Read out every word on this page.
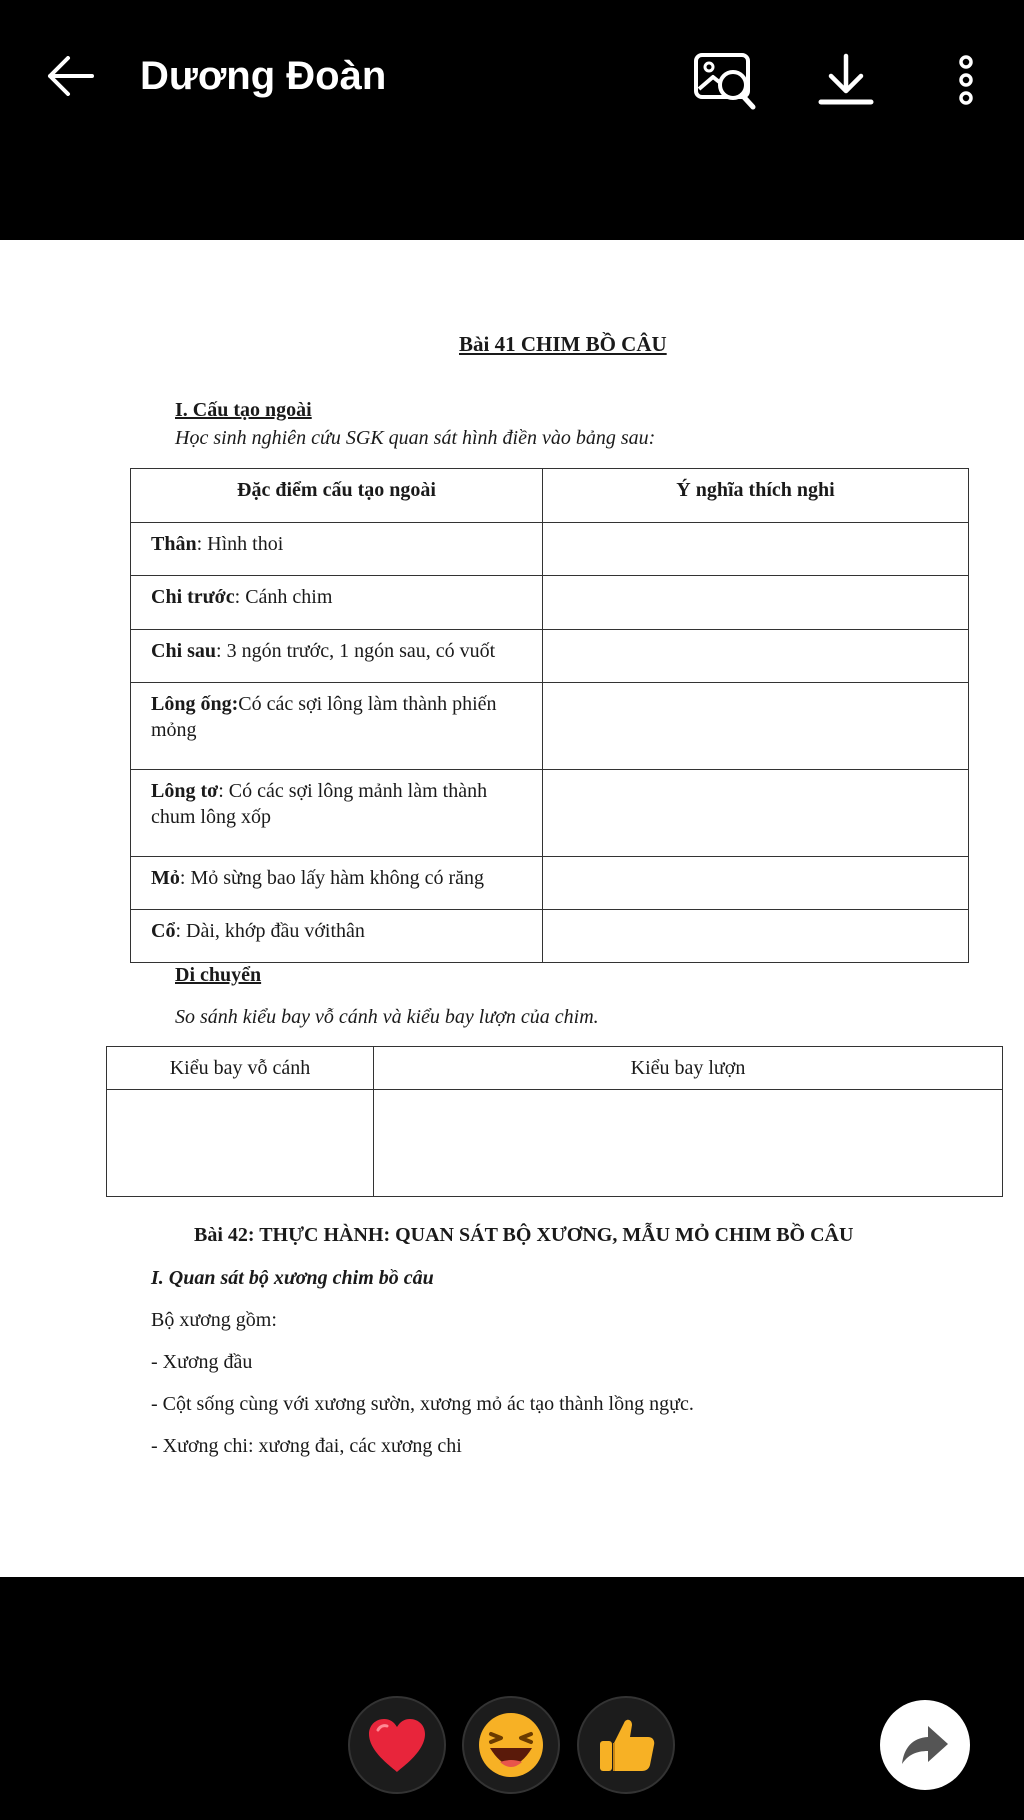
Dương Đoàn
Bài 41 CHIM BỒ CÂU
I. Cấu tạo ngoài
Học sinh nghiên cứu SGK quan sát hình điền vào bảng sau:
Đặc điểm cấu tạo ngoài	Ý nghĩa thích nghi
Thân: Hình thoi	
Chi trước: Cánh chim	
Chi sau: 3 ngón trước, 1 ngón sau, có vuốt	
Lông ống:Có các sợi lông làm thành phiến mỏng	
Lông tơ: Có các sợi lông mảnh làm thành chum lông xốp	
Mỏ: Mỏ sừng bao lấy hàm không có răng	
Cổ: Dài, khớp đầu vớithân	
Di chuyển
So sánh kiểu bay vỗ cánh và kiểu bay lượn của chim.
Kiểu bay vỗ cánh	Kiểu bay lượn

Bài 42: THỰC HÀNH: QUAN SÁT BỘ XƯƠNG, MẪU MỎ CHIM BỒ CÂU
I. Quan sát bộ xương chim bồ câu
Bộ xương gồm:
- Xương đầu
- Cột sống cùng với xương sườn, xương mỏ ác tạo thành lồng ngực.
- Xương chi: xương đai, các xương chi
